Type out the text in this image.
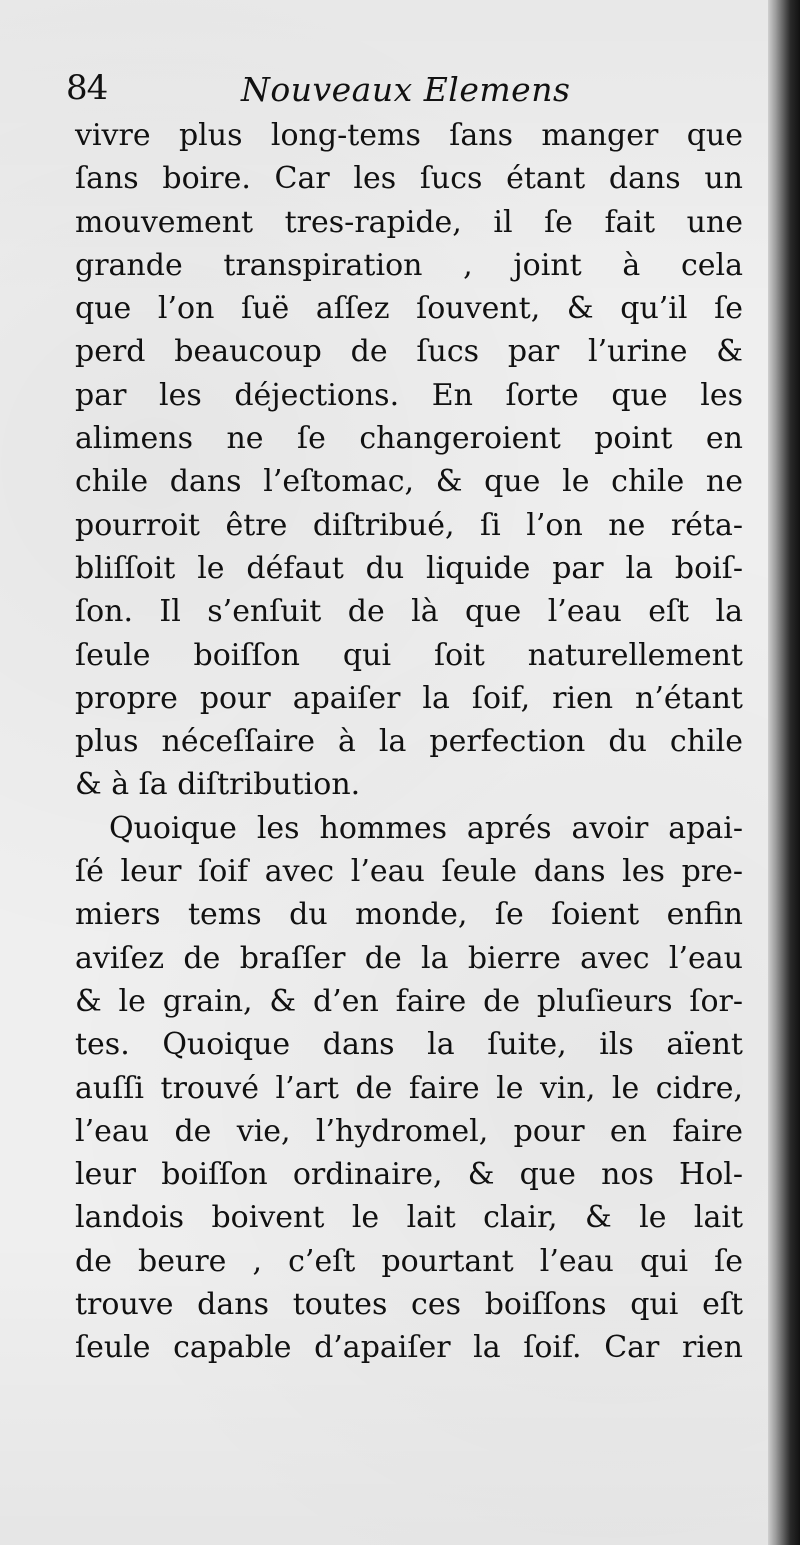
84	Nouveaux Elemens
vivre plus long-tems ſans manger que
ſans boire. Car les ſucs étant dans un
mouvement tres-rapide, il ſe fait une
grande transpiration , joint à cela
que l’on ſuë aſſez ſouvent, & qu’il ſe
perd beaucoup de ſucs par l’urine &
par les déjections. En ſorte que les
alimens ne ſe changeroient point en
chile dans l’eſtomac, & que le chile ne
pourroit être diſtribué, ſi l’on ne réta-
bliſſoit le défaut du liquide par la boiſ-
ſon. Il s’enſuit de là que l’eau eſt la
ſeule boiſſon qui ſoit naturellement
propre pour apaiſer la ſoif, rien n’étant
plus néceſſaire à la perfection du chile
& à ſa diſtribution.
Quoique les hommes aprés avoir apai-
ſé leur ſoif avec l’eau ſeule dans les pre-
miers tems du monde, ſe ſoient enfin
aviſez de braſſer de la bierre avec l’eau
& le grain, & d’en faire de pluſieurs ſor-
tes. Quoique dans la ſuite, ils aïent
auſſi trouvé l’art de faire le vin, le cidre,
l’eau de vie, l’hydromel, pour en faire
leur boiſſon ordinaire, & que nos Hol-
landois boivent le lait clair, & le lait
de beure , c’eſt pourtant l’eau qui ſe
trouve dans toutes ces boiſſons qui eſt
ſeule capable d’apaiſer la ſoif. Car rien
